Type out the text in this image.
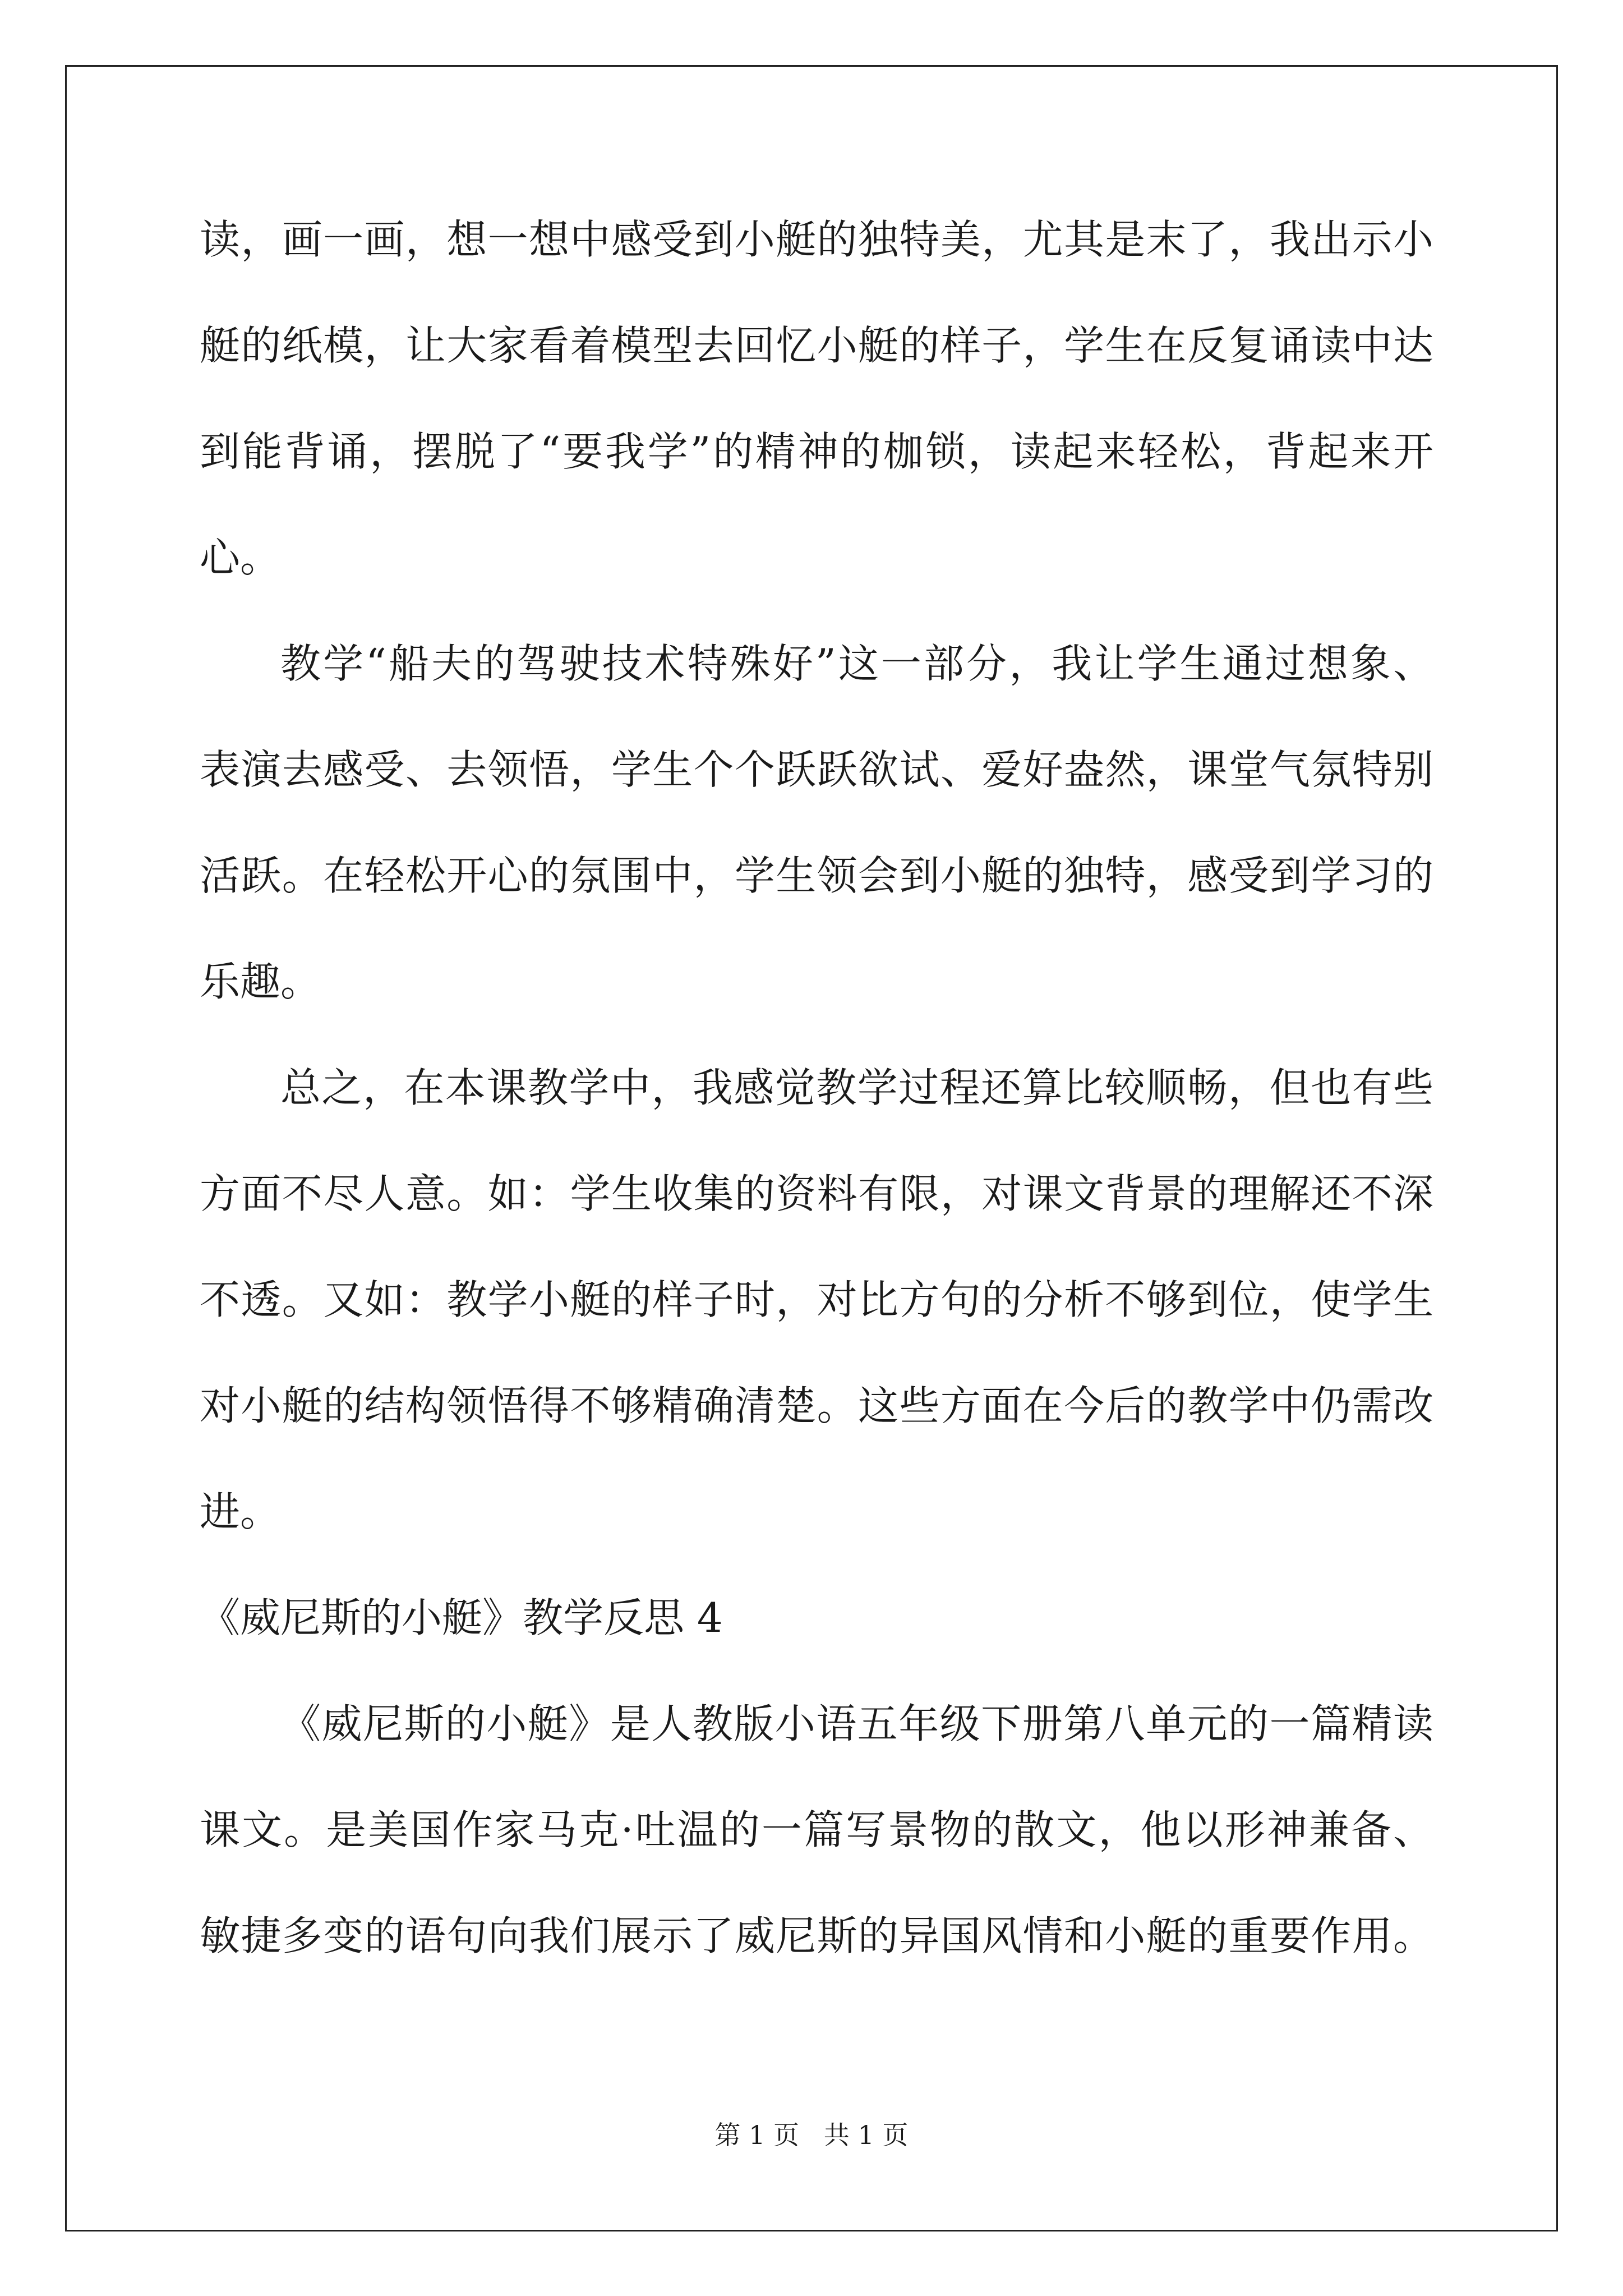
读，画一画，想一想中感受到小艇的独特美，尤其是末了，我出示小
艇的纸模，让大家看着模型去回忆小艇的样子，学生在反复诵读中达
到能背诵，摆脱了“要我学”的精神的枷锁，读起来轻松，背起来开
心。
教学“船夫的驾驶技术特殊好”这一部分，我让学生通过想象、
表演去感受、去领悟，学生个个跃跃欲试、爱好盎然，课堂气氛特别
活跃。在轻松开心的氛围中，学生领会到小艇的独特，感受到学习的
乐趣。
总之，在本课教学中，我感觉教学过程还算比较顺畅，但也有些
方面不尽人意。如：学生收集的资料有限，对课文背景的理解还不深
不透。又如：教学小艇的样子时，对比方句的分析不够到位，使学生
对小艇的结构领悟得不够精确清楚。这些方面在今后的教学中仍需改
进。
《威尼斯的小艇》教学反思 4
《威尼斯的小艇》是人教版小语五年级下册第八单元的一篇精读
课文。是美国作家马克·吐温的一篇写景物的散文，他以形神兼备、
敏捷多变的语句向我们展示了威尼斯的异国风情和小艇的重要作用。
第 1 页   共 1 页
